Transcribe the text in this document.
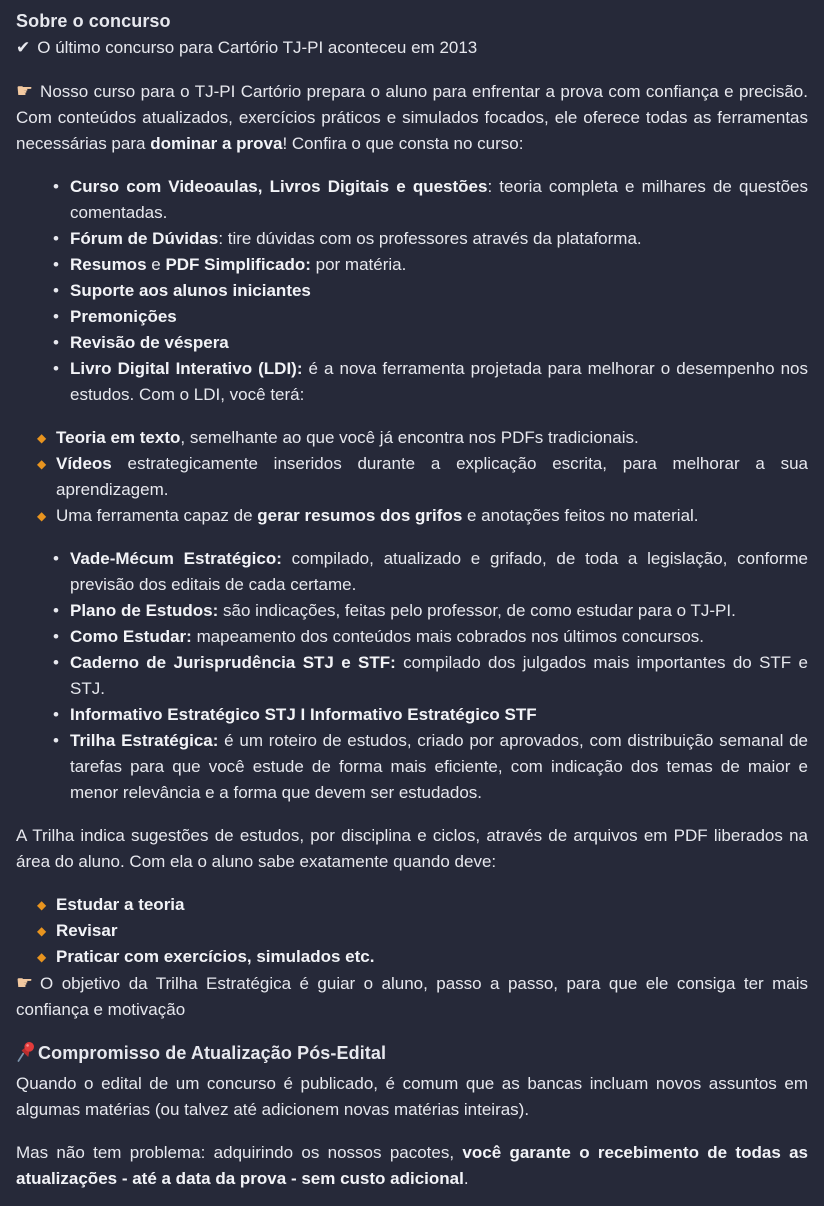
Sobre o concurso

✔ O último concurso para Cartório TJ-PI aconteceu em 2013

☛ Nosso curso para o TJ-PI Cartório prepara o aluno para enfrentar a prova com confiança e precisão. Com conteúdos atualizados, exercícios práticos e simulados focados, ele oferece todas as ferramentas necessárias para dominar a prova! Confira o que consta no curso:

• Curso com Videoaulas, Livros Digitais e questões: teoria completa e milhares de questões comentadas.
• Fórum de Dúvidas: tire dúvidas com os professores através da plataforma.
• Resumos e PDF Simplificado: por matéria.
• Suporte aos alunos iniciantes
• Premonições
• Revisão de véspera
• Livro Digital Interativo (LDI): é a nova ferramenta projetada para melhorar o desempenho nos estudos. Com o LDI, você terá:
◆ Teoria em texto, semelhante ao que você já encontra nos PDFs tradicionais.
◆ Vídeos estrategicamente inseridos durante a explicação escrita, para melhorar a sua aprendizagem.
◆ Uma ferramenta capaz de gerar resumos dos grifos e anotações feitos no material.
• Vade-Mécum Estratégico: compilado, atualizado e grifado, de toda a legislação, conforme previsão dos editais de cada certame.
• Plano de Estudos: são indicações, feitas pelo professor, de como estudar para o TJ-PI.
• Como Estudar: mapeamento dos conteúdos mais cobrados nos últimos concursos.
• Caderno de Jurisprudência STJ e STF: compilado dos julgados mais importantes do STF e STJ.
• Informativo Estratégico STJ I Informativo Estratégico STF
• Trilha Estratégica: é um roteiro de estudos, criado por aprovados, com distribuição semanal de tarefas para que você estude de forma mais eficiente, com indicação dos temas de maior e menor relevância e a forma que devem ser estudados.

A Trilha indica sugestões de estudos, por disciplina e ciclos, através de arquivos em PDF liberados na área do aluno. Com ela o aluno sabe exatamente quando deve:

◆ Estudar a teoria
◆ Revisar
◆ Praticar com exercícios, simulados etc.

☛ O objetivo da Trilha Estratégica é guiar o aluno, passo a passo, para que ele consiga ter mais confiança e motivação

Compromisso de Atualização Pós-Edital

Quando o edital de um concurso é publicado, é comum que as bancas incluam novos assuntos em algumas matérias (ou talvez até adicionem novas matérias inteiras).

Mas não tem problema: adquirindo os nossos pacotes, você garante o recebimento de todas as atualizações - até a data da prova - sem custo adicional.
